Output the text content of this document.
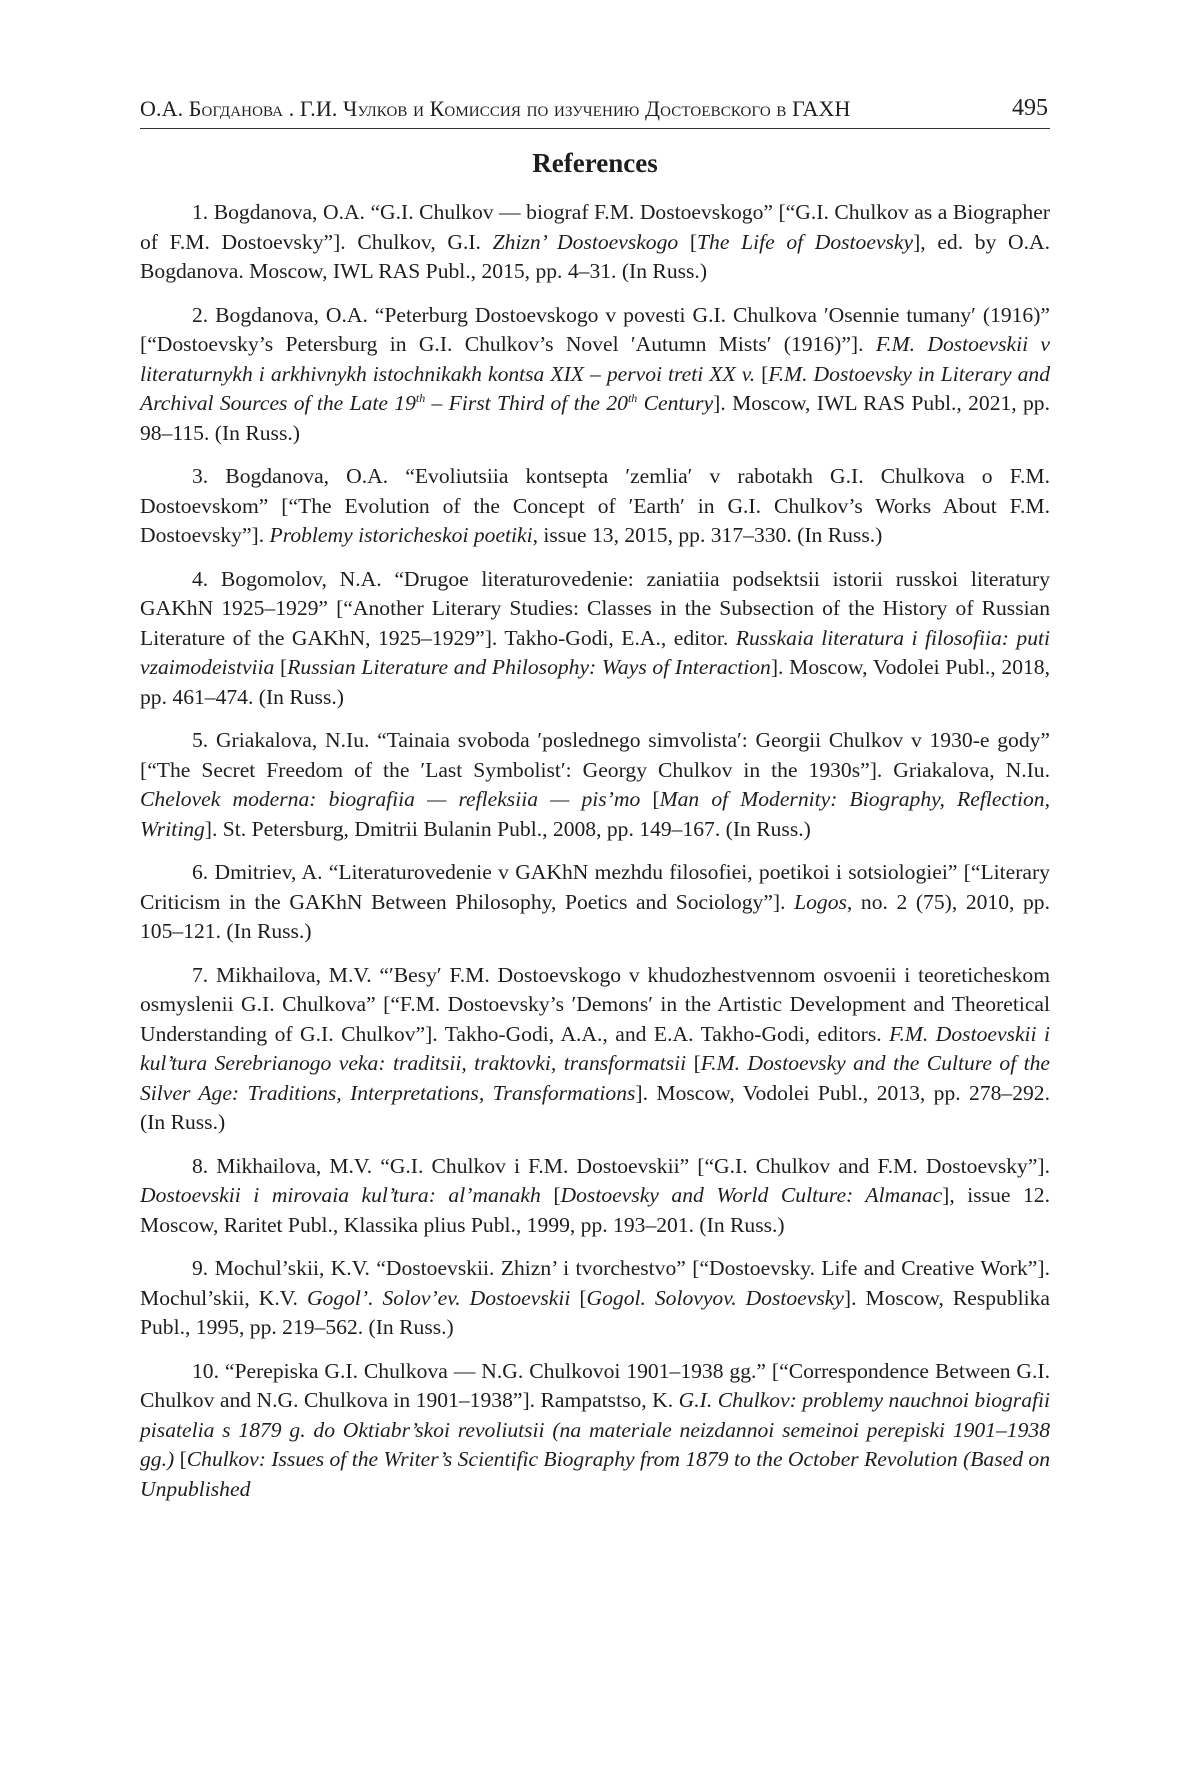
О.А. Богданова . Г.И. Чулков и Комиссия по изучению Достоевского в ГАХН	495
References

1. Bogdanova, O.A. “G.I. Chulkov — biograf F.M. Dostoevskogo” [“G.I. Chulkov as a Biographer of F.M. Dostoevsky”]. Chulkov, G.I. Zhizn’ Dostoevskogo [The Life of Dostoevsky], ed. by O.A. Bogdanova. Moscow, IWL RAS Publ., 2015, pp. 4–31. (In Russ.)

2. Bogdanova, O.A. “Peterburg Dostoevskogo v povesti G.I. Chulkova ʹOsennie tumanyʹ (1916)” [“Dostoevsky’s Petersburg in G.I. Chulkov’s Novel ʹAutumn Mistsʹ (1916)”]. F.M. Dostoevskii v literaturnykh i arkhivnykh istochnikakh kontsa XIX – pervoi treti XX v. [F.M. Dostoevsky in Literary and Archival Sources of the Late 19th – First Third of the 20th Century]. Moscow, IWL RAS Publ., 2021, pp. 98–115. (In Russ.)

3. Bogdanova, O.A. “Evoliutsiia kontsepta ʹzemliaʹ v rabotakh G.I. Chulkova o F.M. Dostoevskom” [“The Evolution of the Concept of ʹEarthʹ in G.I. Chulkov’s Works About F.M. Dostoevsky”]. Problemy istoricheskoi poetiki, issue 13, 2015, pp. 317–330. (In Russ.)

4. Bogomolov, N.A. “Drugoe literaturovedenie: zaniatiia podsektsii istorii russkoi literatury GAKhN 1925–1929” [“Another Literary Studies: Classes in the Subsection of the History of Russian Literature of the GAKhN, 1925–1929”]. Takho-Godi, E.A., editor. Russkaia literatura i filosofiia: puti vzaimodeistviia [Russian Literature and Philosophy: Ways of Interaction]. Moscow, Vodolei Publ., 2018, pp. 461–474. (In Russ.)

5. Griakalova, N.Iu. “Tainaia svoboda ʹposlednego simvolistaʹ: Georgii Chulkov v 1930-e gody” [“The Secret Freedom of the ʹLast Symbolistʹ: Georgy Chulkov in the 1930s”]. Griakalova, N.Iu. Chelovek moderna: biografiia — refleksiia — pis’mo [Man of Modernity: Biography, Reflection, Writing]. St. Petersburg, Dmitrii Bulanin Publ., 2008, pp. 149–167. (In Russ.)

6. Dmitriev, A. “Literaturovedenie v GAKhN mezhdu filosofiei, poetikoi i sotsiologiei” [“Literary Criticism in the GAKhN Between Philosophy, Poetics and Sociology”]. Logos, no. 2 (75), 2010, pp. 105–121. (In Russ.)

7. Mikhailova, M.V. “ʹBesyʹ F.M. Dostoevskogo v khudozhestvennom osvoenii i teoreticheskom osmyslenii G.I. Chulkova” [“F.M. Dostoevsky’s ʹDemonsʹ in the Artistic Development and Theoretical Understanding of G.I. Chulkov”]. Takho-Godi, A.A., and E.A. Takho-Godi, editors. F.M. Dostoevskii i kul’tura Serebrianogo veka: traditsii, traktovki, transformatsii [F.M. Dostoevsky and the Culture of the Silver Age: Traditions, Interpretations, Transformations]. Moscow, Vodolei Publ., 2013, pp. 278–292. (In Russ.)

8. Mikhailova, M.V. “G.I. Chulkov i F.M. Dostoevskii” [“G.I. Chulkov and F.M. Dostoevsky”]. Dostoevskii i mirovaia kul’tura: al’manakh [Dostoevsky and World Culture: Almanac], issue 12. Moscow, Raritet Publ., Klassika plius Publ., 1999, pp. 193–201. (In Russ.)

9. Mochul’skii, K.V. “Dostoevskii. Zhizn’ i tvorchestvo” [“Dostoevsky. Life and Creative Work”]. Mochul’skii, K.V. Gogol’. Solov’ev. Dostoevskii [Gogol. Solovyov. Dostoevsky]. Moscow, Respublika Publ., 1995, pp. 219–562. (In Russ.)

10. “Perepiska G.I. Chulkova — N.G. Chulkovoi 1901–1938 gg.” [“Correspondence Between G.I. Chulkov and N.G. Chulkova in 1901–1938”]. Rampatstso, K. G.I. Chulkov: problemy nauchnoi biografii pisatelia s 1879 g. do Oktiabr’skoi revoliutsii (na materiale neizdannoi semeinoi perepiski 1901–1938 gg.) [Chulkov: Issues of the Writer’s Scientific Biography from 1879 to the October Revolution (Based on Unpublished
